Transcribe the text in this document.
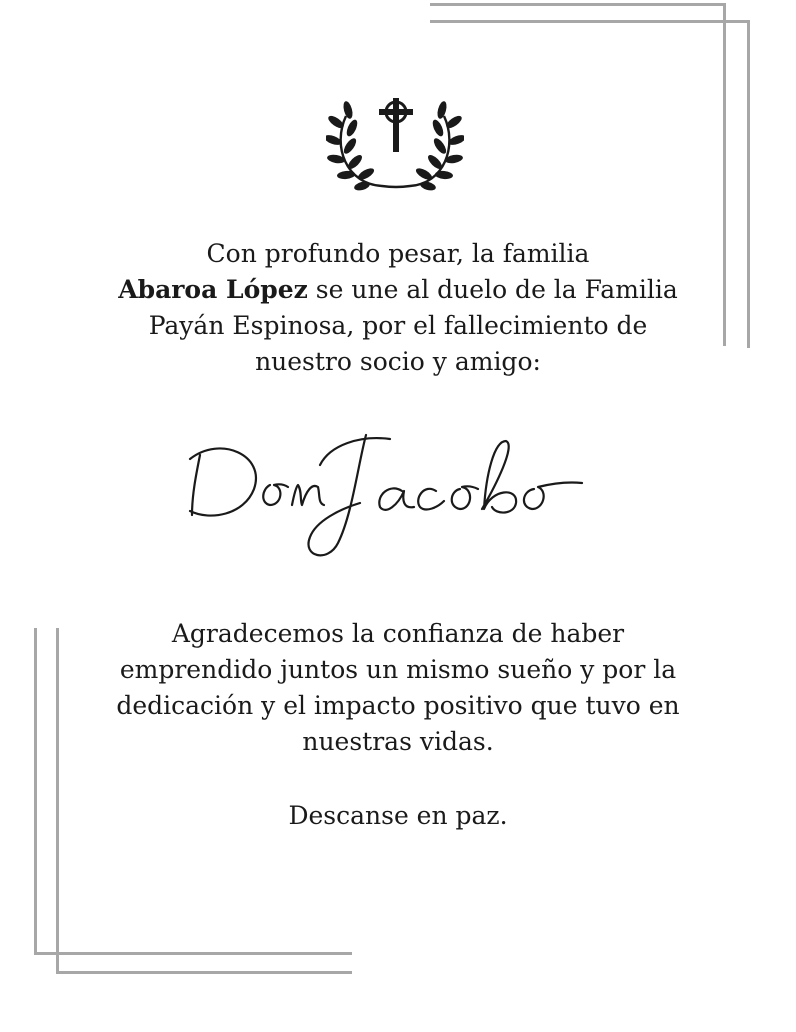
Con profundo pesar, la familia
Abaroa López se une al duelo de la Familia
Payán Espinosa, por el fallecimiento de
nuestro socio y amigo:
Agradecemos la confianza de haber
emprendido juntos un mismo sueño y por la
dedicación y el impacto positivo que tuvo en
nuestras vidas.
Descanse en paz.
